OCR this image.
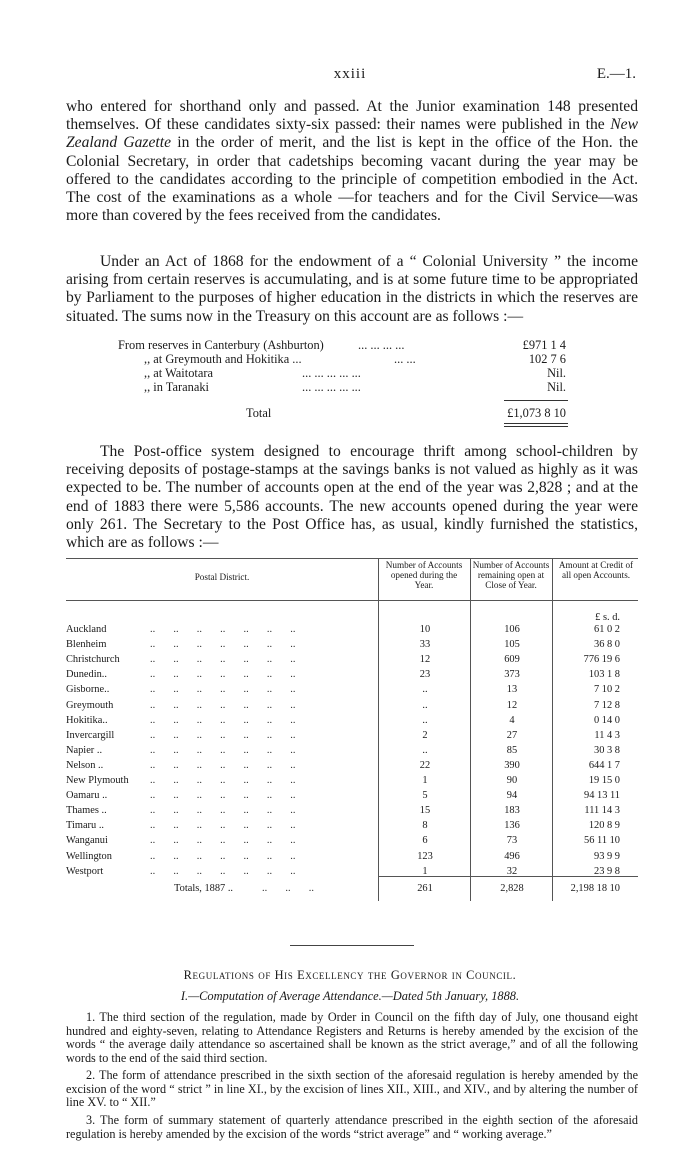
xxiii	E.—1.

who entered for shorthand only and passed. At the Junior examination 148 presented themselves. Of these candidates sixty-six passed: their names were published in the New Zealand Gazette in the order of merit, and the list is kept in the office of the Hon. the Colonial Secretary, in order that cadetships becoming vacant during the year may be offered to the candidates according to the principle of competition embodied in the Act. The cost of the examinations as a whole —for teachers and for the Civil Service—was more than covered by the fees received from the candidates.

Under an Act of 1868 for the endowment of a “ Colonial University ” the income arising from certain reserves is accumulating, and is at some future time to be appropriated by Parliament to the purposes of higher education in the districts in which the reserves are situated. The sums now in the Treasury on this account are as follows :—

From reserves in Canterbury (Ashburton)	... ... ... ...	£971 1 4
,, at Greymouth and Hokitika ...	... ...	102 7 6
,, at Waitotara	... ... ... ... ...	Nil.
,, in Taranaki	... ... ... ... ...	Nil.
Total	£1,073 8 10

The Post-office system designed to encourage thrift among school-children by receiving deposits of postage-stamps at the savings banks is not valued as highly as it was expected to be. The number of accounts open at the end of the year was 2,828 ; and at the end of 1883 there were 5,586 accounts. The new accounts opened during the year were only 261. The Secretary to the Post Office has, as usual, kindly furnished the statistics, which are as follows :—

Postal District.
Number of Accounts opened during the Year.
Number of Accounts remaining open at Close of Year.
Amount at Credit of all open Accounts.
£ s. d.
Auckland	..       ..       ..       ..       ..       ..       ..	10	106	61 0 2
Blenheim	..       ..       ..       ..       ..       ..       ..	33	105	36 8 0
Christchurch	..       ..       ..       ..       ..       ..       ..	12	609	776 19 6
Dunedin..	..       ..       ..       ..       ..       ..       ..	23	373	103 1 8
Gisborne..	..       ..       ..       ..       ..       ..       ..	..	13	7 10 2
Greymouth	..       ..       ..       ..       ..       ..       ..	..	12	7 12 8
Hokitika..	..       ..       ..       ..       ..       ..       ..	..	4	0 14 0
Invercargill	..       ..       ..       ..       ..       ..       ..	2	27	11 4 3
Napier ..	..       ..       ..       ..       ..       ..       ..	..	85	30 3 8
Nelson ..	..       ..       ..       ..       ..       ..       ..	22	390	644 1 7
New Plymouth ..       ..       ..       ..       ..       ..       ..	1	90	19 15 0
Oamaru ..	..       ..       ..       ..       ..       ..       ..	5	94	94 13 11
Thames ..	..       ..       ..       ..       ..       ..       ..	15	183	111 14 3
Timaru ..	..       ..       ..       ..       ..       ..       ..	8	136	120 8 9
Wanganui	..       ..       ..       ..       ..       ..       ..	6	73	56 11 10
Wellington	..       ..       ..       ..       ..       ..       ..	123	496	93 9 9
Westport	..       ..       ..       ..       ..       ..       ..	1	32	23 9 8
Totals, 1887 ..	..       ..       ..	261	2,828	2,198 18 10
Regulations of His Excellency the Governor in Council.
I.—Computation of Average Attendance.—Dated 5th January, 1888.

1. The third section of the regulation, made by Order in Council on the fifth day of July, one thousand eight hundred and eighty-seven, relating to Attendance Registers and Returns is hereby amended by the excision of the words “ the average daily attendance so ascertained shall be known as the strict average,” and of all the following words to the end of the said third section.

2. The form of attendance prescribed in the sixth section of the aforesaid regulation is hereby amended by the excision of the word “ strict ” in line XI., by the excision of lines XII., XIII., and XIV., and by altering the number of line XV. to “ XII.”

3. The form of summary statement of quarterly attendance prescribed in the eighth section of the aforesaid regulation is hereby amended by the excision of the words “strict average” and “ working average.”
